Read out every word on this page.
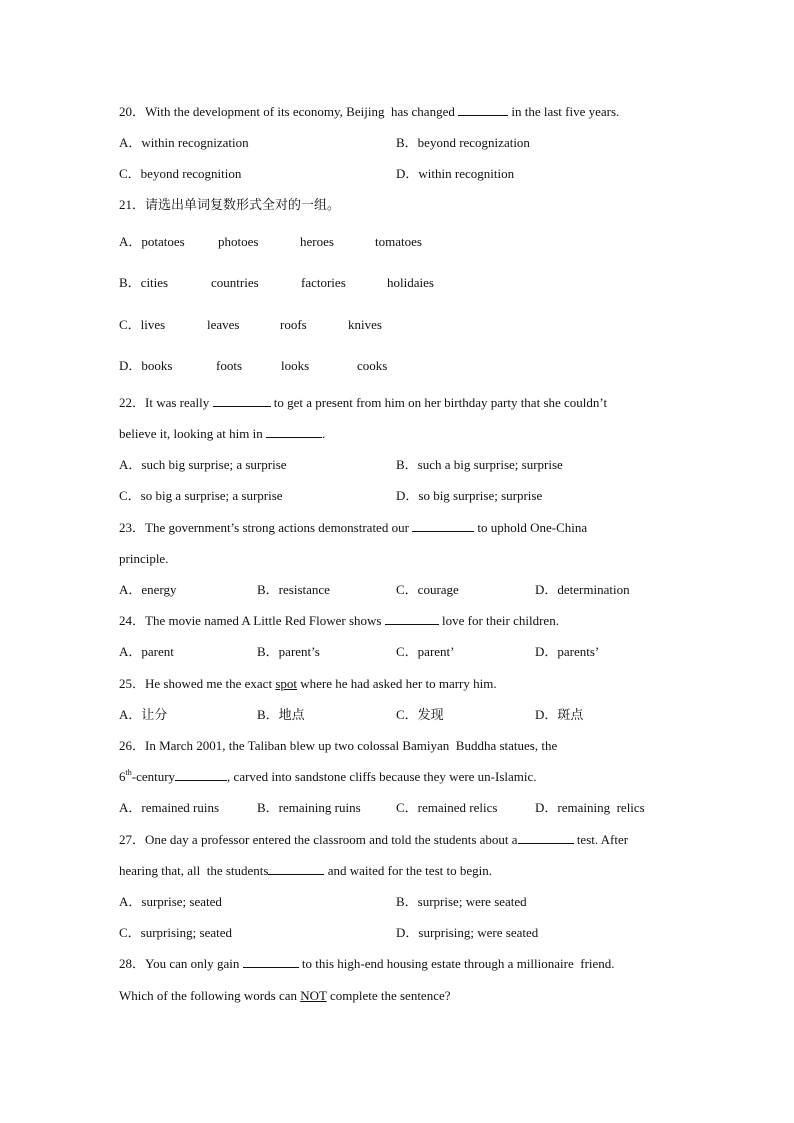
20．With the development of its economy, Beijing  has changed	in the last five years.
A．within recognization	B．beyond recognization
C．beyond recognition	D．within recognition
21．请选出单词复数形式全对的一组。
A．potatoes	photoes	heroes	tomatoes
B．cities	countries	factories	holidaies
C．lives	leaves	roofs	knives
D．books	foots	looks	cooks
22．It was really	to get a present from him on her birthday party that she couldn’t
believe it, looking at him in	.
A．such big surprise; a surprise	B．such a big surprise; surprise
C．so big a surprise; a surprise	D．so big surprise; surprise
23．The government’s strong actions demonstrated our	to uphold One-China
principle.
A．energy	B．resistance	C．courage	D．determination
24．The movie named A Little Red Flower shows	love for their children.
A．parent	B．parent’s	C．parent’	D．parents’
25．He showed me the exact spot where he had asked her to marry him.
A．让分	B．地点	C．发现	D．斑点
26．In March 2001, the Taliban blew up two colossal Bamiyan  Buddha statues, the
6th-century	, carved into sandstone cliffs because they were un-Islamic.
A．remained ruins	B．remaining ruins	C．remained relics	D．remaining  relics
27．One day a professor entered the classroom and told the students about a	test. After
hearing that, all  the students	and waited for the test to begin.
A．surprise; seated	B．surprise; were seated
C．surprising; seated	D．surprising; were seated
28．You can only gain	to this high-end housing estate through a millionaire  friend.
Which of the following words can NOT complete the sentence?
